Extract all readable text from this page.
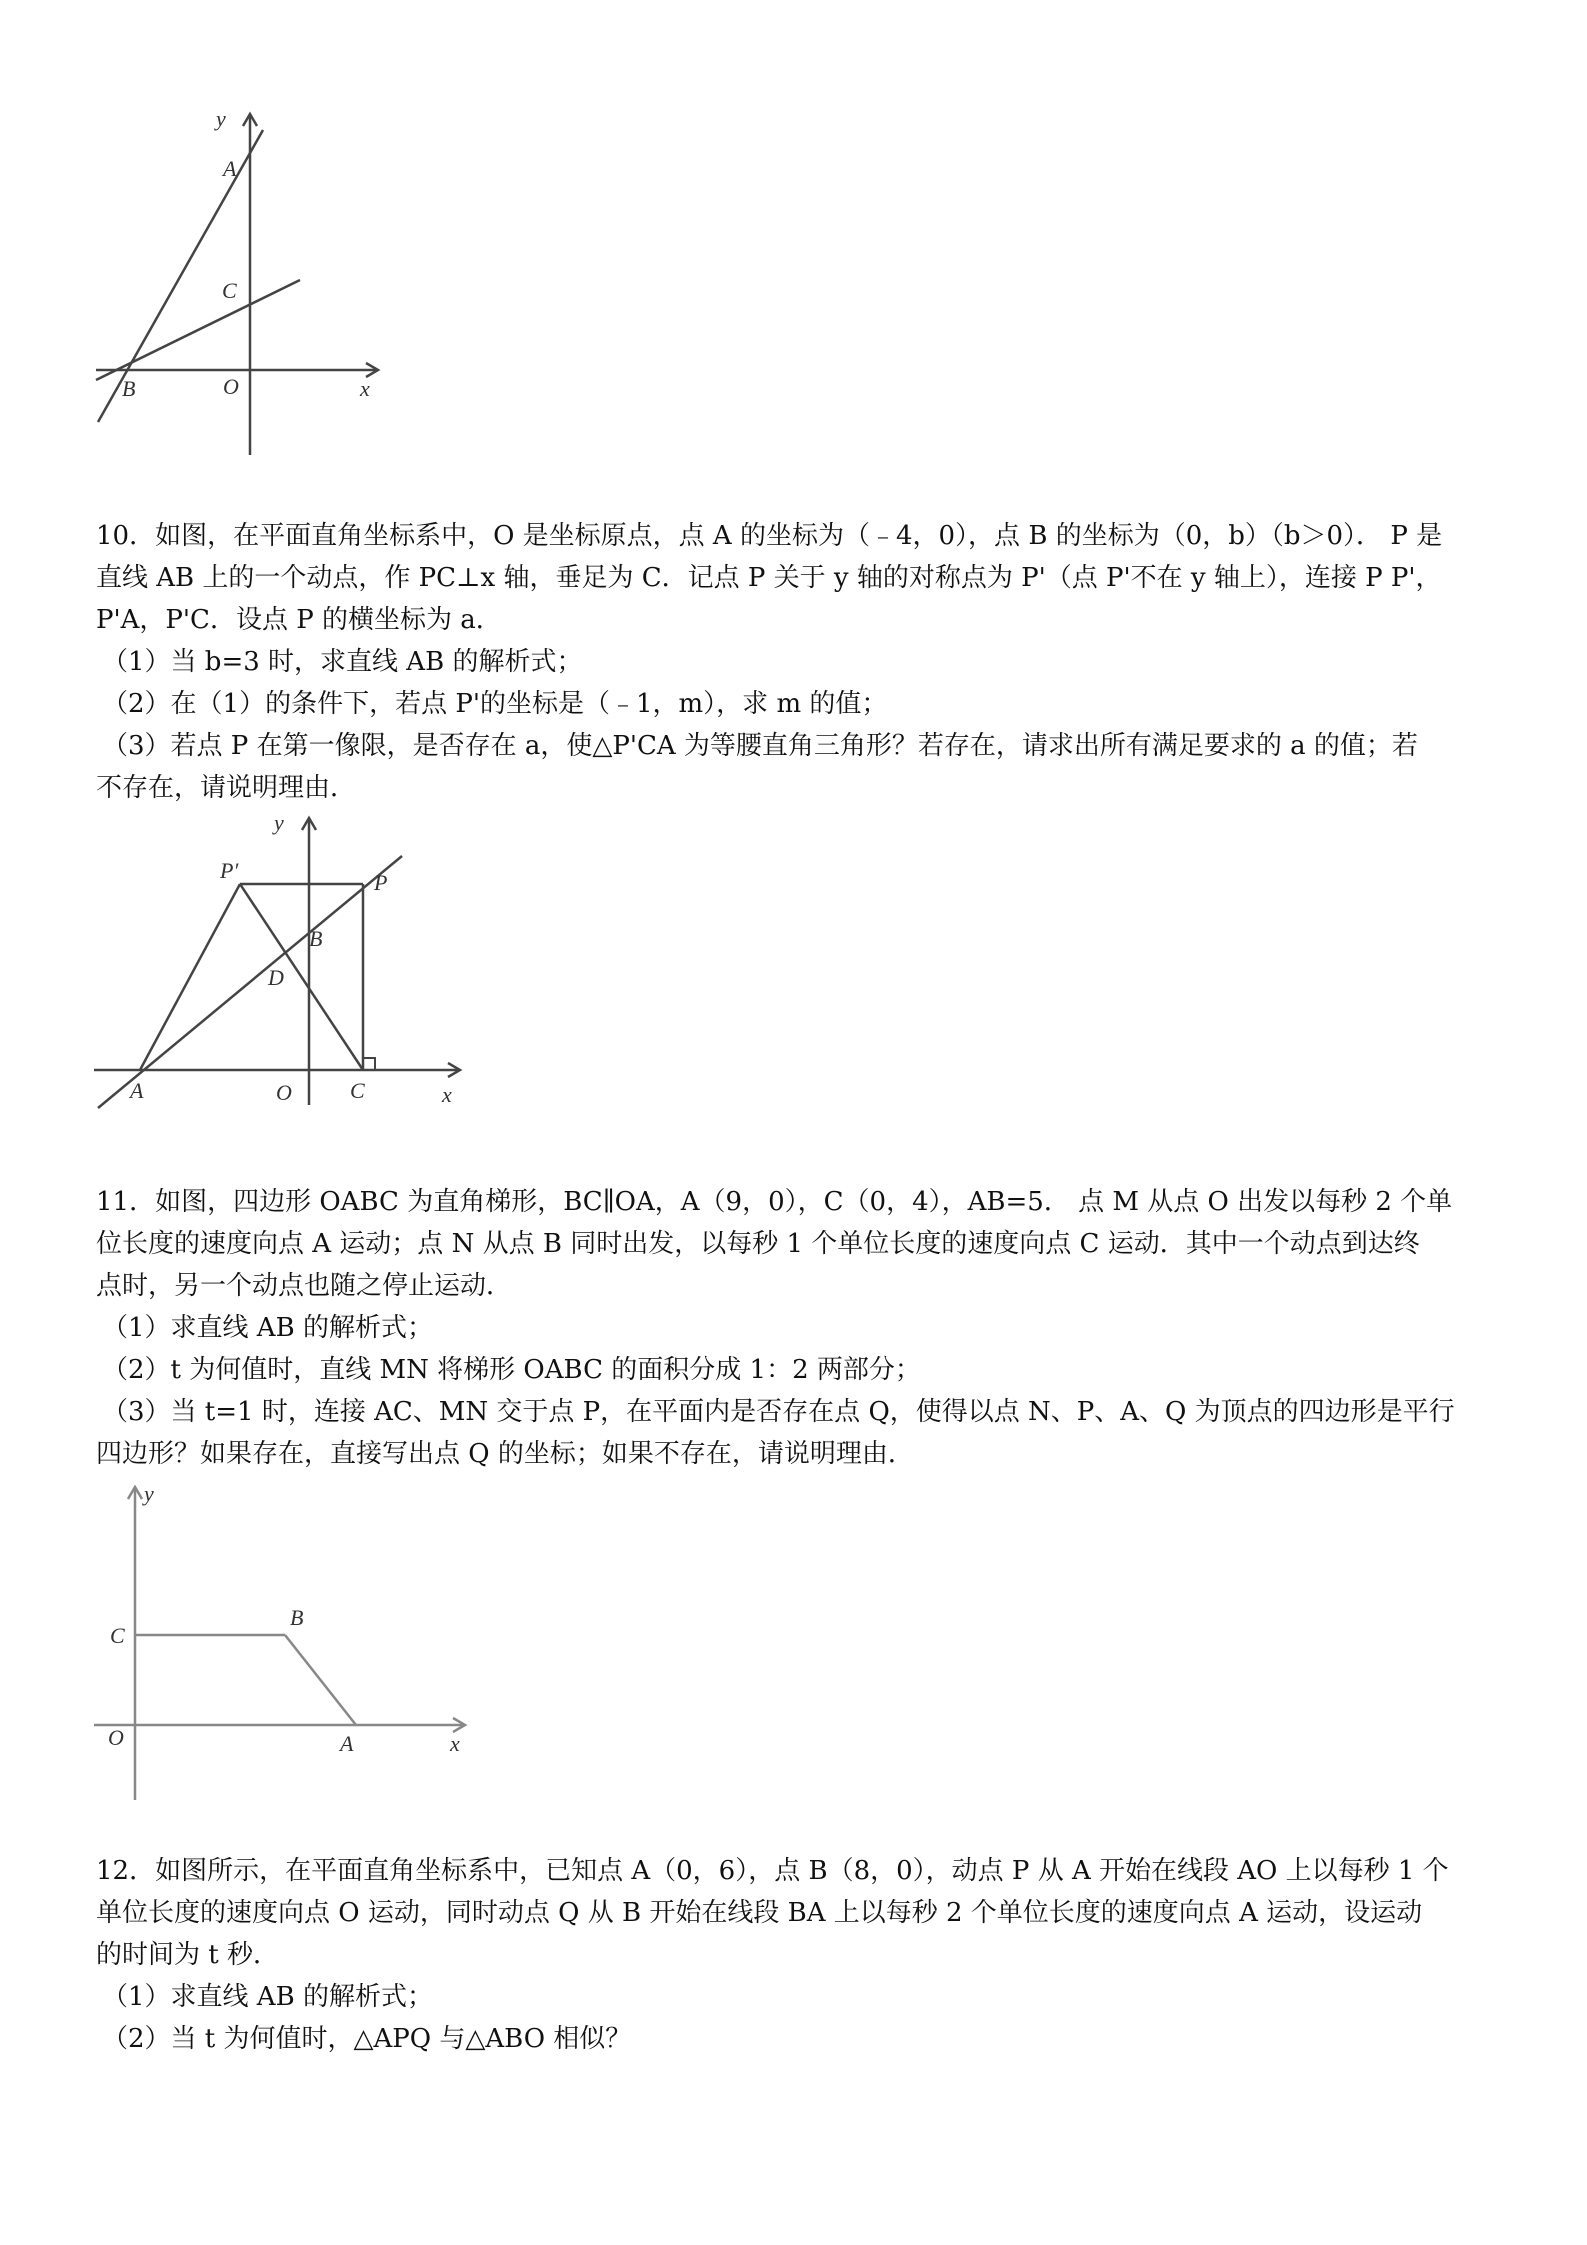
y
A
C
B	O	x

10．如图，在平面直角坐标系中，O 是坐标原点，点 A 的坐标为（﹣4，0），点 B 的坐标为（0，b）（b＞0）． P 是

直线 AB 上的一个动点，作 PC⊥x 轴，垂足为 C．记点 P 关于 y 轴的对称点为 P'（点 P'不在 y 轴上），连接 P P'，

P'A，P'C．设点 P 的横坐标为 a．

（1）当 b=3 时，求直线 AB 的解析式；

（2）在（1）的条件下，若点 P'的坐标是（﹣1，m），求 m 的值；

（3）若点 P 在第一像限，是否存在 a，使△P'CA 为等腰直角三角形？若存在，请求出所有满足要求的 a 的值；若

不存在，请说明理由．

y
P′	P
B
D
A	O	C	x

11．如图，四边形 OABC 为直角梯形，BC∥OA，A（9，0），C（0，4），AB=5． 点 M 从点 O 出发以每秒 2 个单

位长度的速度向点 A 运动；点 N 从点 B 同时出发，以每秒 1 个单位长度的速度向点 C 运动．其中一个动点到达终

点时，另一个动点也随之停止运动．

（1）求直线 AB 的解析式；

（2）t 为何值时，直线 MN 将梯形 OABC 的面积分成 1：2 两部分；

（3）当 t=1 时，连接 AC、MN 交于点 P，在平面内是否存在点 Q，使得以点 N、P、A、Q 为顶点的四边形是平行

四边形？如果存在，直接写出点 Q 的坐标；如果不存在，请说明理由．

y
C
B
O	A	x

12．如图所示，在平面直角坐标系中，已知点 A（0，6），点 B（8，0），动点 P 从 A 开始在线段 AO 上以每秒 1 个

单位长度的速度向点 O 运动，同时动点 Q 从 B 开始在线段 BA 上以每秒 2 个单位长度的速度向点 A 运动，设运动

的时间为 t 秒．

（1）求直线 AB 的解析式；

（2）当 t 为何值时，△APQ 与△ABO 相似？
